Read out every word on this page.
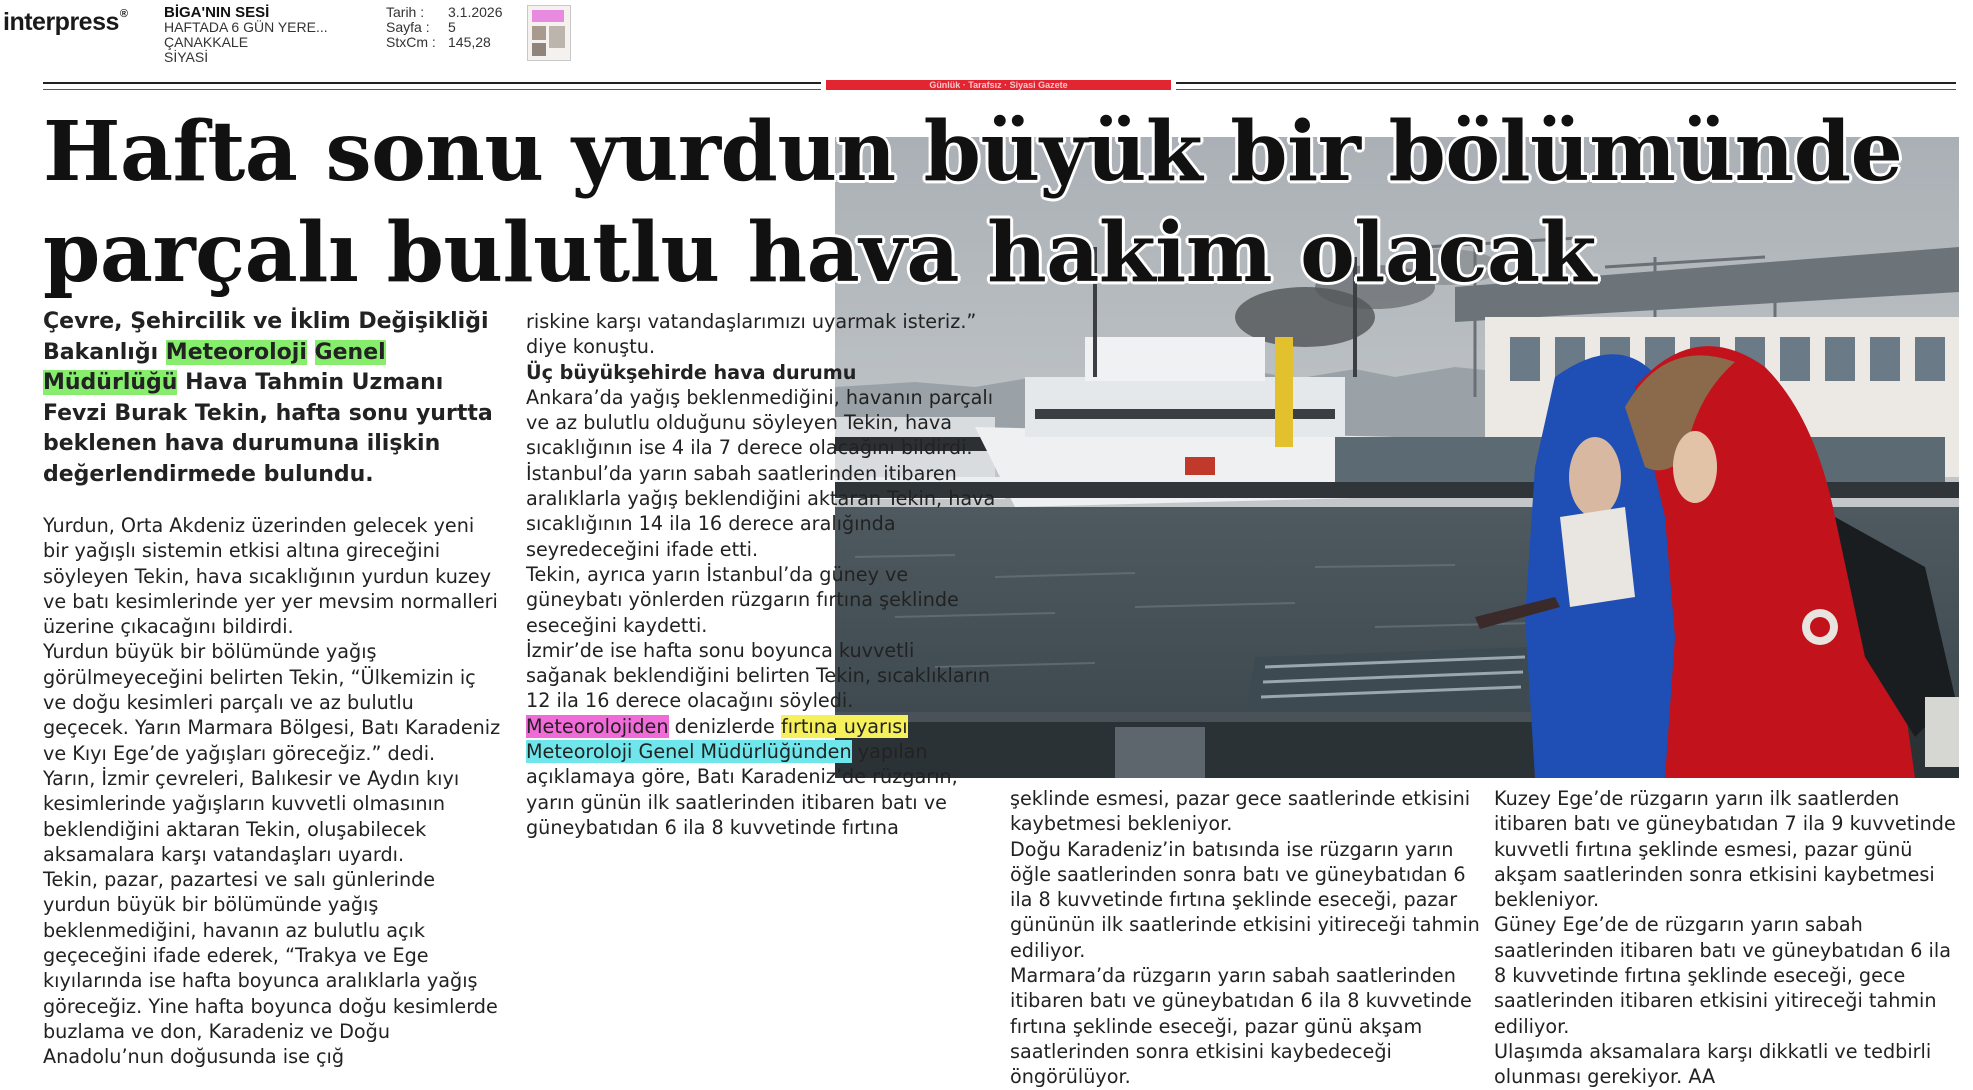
interpress® BİGA'NIN SESİ
HAFTADA 6 GÜN YERE...
ÇANAKKALE
SİYASİ
Tarih :	3.1.2026
Sayfa :	5
StxCm : 145,28
Günlük · Tarafsız · Siyasi Gazete
Hafta sonu yurdun büyük bir bölümünde
parçalı bulutlu hava hakim olacak

Çevre, Şehircilik ve İklim Değişikliği Bakanlığı Meteoroloji Genel Müdürlüğü Hava Tahmin Uzmanı Fevzi Burak Tekin, hafta sonu yurtta beklenen hava durumuna ilişkin değerlendirmede bulundu.

Yurdun, Orta Akdeniz üzerinden gelecek yeni bir yağışlı sistemin etkisi altına gireceğini söyleyen Tekin, hava sıcaklığının yurdun kuzey ve batı kesimlerinde yer yer mevsim normalleri üzerine çıkacağını bildirdi.

Yurdun büyük bir bölümünde yağış görülmeyeceğini belirten Tekin, “Ülkemizin iç ve doğu kesimleri parçalı ve az bulutlu geçecek. Yarın Marmara Bölgesi, Batı Karadeniz ve Kıyı Ege’de yağışları göreceğiz.” dedi.

Yarın, İzmir çevreleri, Balıkesir ve Aydın kıyı kesimlerinde yağışların kuvvetli olmasının beklendiğini aktaran Tekin, oluşabilecek aksamalara karşı vatandaşları uyardı.

Tekin, pazar, pazartesi ve salı günlerinde yurdun büyük bir bölümünde yağış beklenmediğini, havanın az bulutlu açık geçeceğini ifade ederek, “Trakya ve Ege kıyılarında ise hafta boyunca aralıklarla yağış göreceğiz. Yine hafta boyunca doğu kesimlerde buzlama ve don, Karadeniz ve Doğu Anadolu’nun doğusunda ise çığ

riskine karşı vatandaşlarımızı uyarmak isteriz.” diye konuştu.

Üç büyükşehirde hava durumu

Ankara’da yağış beklenmediğini, havanın parçalı ve az bulutlu olduğunu söyleyen Tekin, hava sıcaklığının ise 4 ila 7 derece olacağını bildirdi.

İstanbul’da yarın sabah saatlerinden itibaren aralıklarla yağış beklendiğini aktaran Tekin, hava sıcaklığının 14 ila 16 derece aralığında seyredeceğini ifade etti.

Tekin, ayrıca yarın İstanbul’da güney ve güneybatı yönlerden rüzgarın fırtına şeklinde eseceğini kaydetti.

İzmir’de ise hafta sonu boyunca kuvvetli sağanak beklendiğini belirten Tekin, sıcaklıkların 12 ila 16 derece olacağını söyledi.

Meteorolojiden denizlerde fırtına uyarısı
Meteoroloji Genel Müdürlüğünden yapılan açıklamaya göre, Batı Karadeniz’de rüzgarın, yarın günün ilk saatlerinden itibaren batı ve güneybatıdan 6 ila 8 kuvvetinde fırtına

şeklinde esmesi, pazar gece saatlerinde etkisini kaybetmesi bekleniyor.

Doğu Karadeniz’in batısında ise rüzgarın yarın öğle saatlerinden sonra batı ve güneybatıdan 6 ila 8 kuvvetinde fırtına şeklinde eseceği, pazar gününün ilk saatlerinde etkisini yitireceği tahmin ediliyor.

Marmara’da rüzgarın yarın sabah saatlerinden itibaren batı ve güneybatıdan 6 ila 8 kuvvetinde fırtına şeklinde eseceği, pazar günü akşam saatlerinden sonra etkisini kaybedeceği öngörülüyor.

Kuzey Ege’de rüzgarın yarın ilk saatlerden itibaren batı ve güneybatıdan 7 ila 9 kuvvetinde kuvvetli fırtına şeklinde esmesi, pazar günü akşam saatlerinden sonra etkisini kaybetmesi bekleniyor.

Güney Ege’de de rüzgarın yarın sabah saatlerinden itibaren batı ve güneybatıdan 6 ila 8 kuvvetinde fırtına şeklinde eseceği, gece saatlerinden itibaren etkisini yitireceği tahmin ediliyor.

Ulaşımda aksamalara karşı dikkatli ve tedbirli olunması gerekiyor. AA
